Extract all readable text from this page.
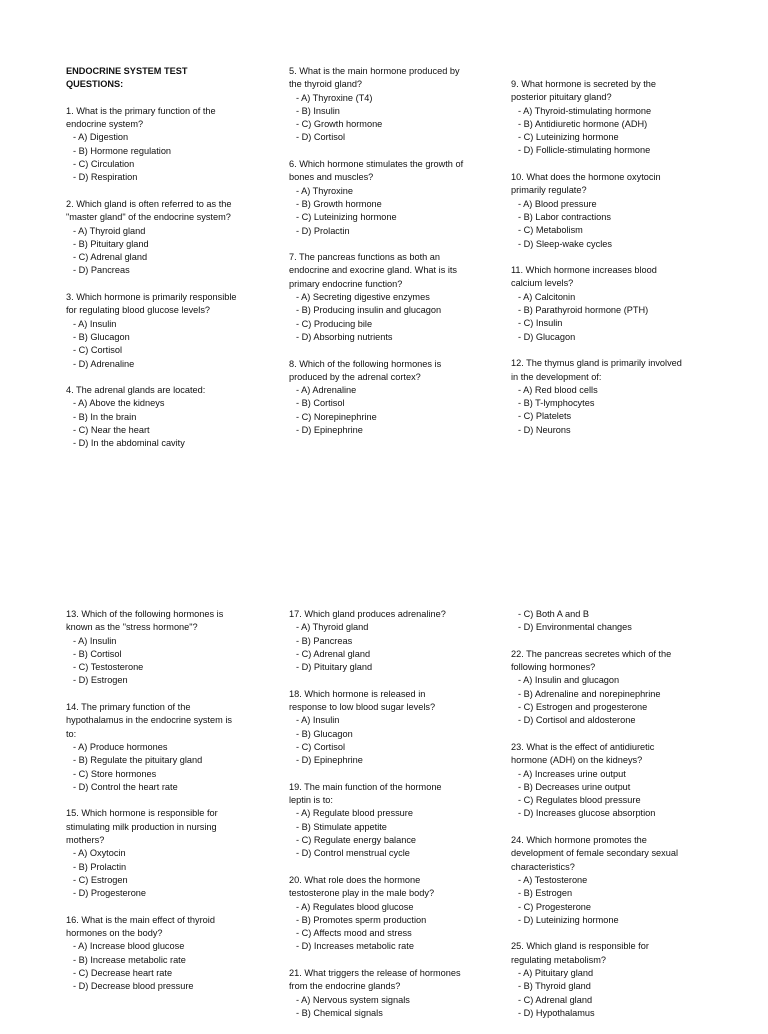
ENDOCRINE SYSTEM TEST
QUESTIONS:
1. What is the primary function of the
endocrine system?
- A) Digestion
- B) Hormone regulation
- C) Circulation
- D) Respiration
2. Which gland is often referred to as the
"master gland" of the endocrine system?
- A) Thyroid gland
- B) Pituitary gland
- C) Adrenal gland
- D) Pancreas
3. Which hormone is primarily responsible
for regulating blood glucose levels?
- A) Insulin
- B) Glucagon
- C) Cortisol
- D) Adrenaline
4. The adrenal glands are located:
- A) Above the kidneys
- B) In the brain
- C) Near the heart
- D) In the abdominal cavity
5. What is the main hormone produced by
the thyroid gland?
- A) Thyroxine (T4)
- B) Insulin
- C) Growth hormone
- D) Cortisol
6. Which hormone stimulates the growth of
bones and muscles?
- A) Thyroxine
- B) Growth hormone
- C) Luteinizing hormone
- D) Prolactin
7. The pancreas functions as both an
endocrine and exocrine gland. What is its
primary endocrine function?
- A) Secreting digestive enzymes
- B) Producing insulin and glucagon
- C) Producing bile
- D) Absorbing nutrients
8. Which of the following hormones is
produced by the adrenal cortex?
- A) Adrenaline
- B) Cortisol
- C) Norepinephrine
- D) Epinephrine
9. What hormone is secreted by the
posterior pituitary gland?
- A) Thyroid-stimulating hormone
- B) Antidiuretic hormone (ADH)
- C) Luteinizing hormone
- D) Follicle-stimulating hormone
10. What does the hormone oxytocin
primarily regulate?
- A) Blood pressure
- B) Labor contractions
- C) Metabolism
- D) Sleep-wake cycles
11. Which hormone increases blood
calcium levels?
- A) Calcitonin
- B) Parathyroid hormone (PTH)
- C) Insulin
- D) Glucagon
12. The thymus gland is primarily involved
in the development of:
- A) Red blood cells
- B) T-lymphocytes
- C) Platelets
- D) Neurons
13. Which of the following hormones is
known as the "stress hormone"?
- A) Insulin
- B) Cortisol
- C) Testosterone
- D) Estrogen
14. The primary function of the
hypothalamus in the endocrine system is
to:
- A) Produce hormones
- B) Regulate the pituitary gland
- C) Store hormones
- D) Control the heart rate
15. Which hormone is responsible for
stimulating milk production in nursing
mothers?
- A) Oxytocin
- B) Prolactin
- C) Estrogen
- D) Progesterone
16. What is the main effect of thyroid
hormones on the body?
- A) Increase blood glucose
- B) Increase metabolic rate
- C) Decrease heart rate
- D) Decrease blood pressure
17. Which gland produces adrenaline?
- A) Thyroid gland
- B) Pancreas
- C) Adrenal gland
- D) Pituitary gland
18. Which hormone is released in
response to low blood sugar levels?
- A) Insulin
- B) Glucagon
- C) Cortisol
- D) Epinephrine
19. The main function of the hormone
leptin is to:
- A) Regulate blood pressure
- B) Stimulate appetite
- C) Regulate energy balance
- D) Control menstrual cycle
20. What role does the hormone
testosterone play in the male body?
- A) Regulates blood glucose
- B) Promotes sperm production
- C) Affects mood and stress
- D) Increases metabolic rate
21. What triggers the release of hormones
from the endocrine glands?
- A) Nervous system signals
- B) Chemical signals
- C) Both A and B
- D) Environmental changes
22. The pancreas secretes which of the
following hormones?
- A) Insulin and glucagon
- B) Adrenaline and norepinephrine
- C) Estrogen and progesterone
- D) Cortisol and aldosterone
23. What is the effect of antidiuretic
hormone (ADH) on the kidneys?
- A) Increases urine output
- B) Decreases urine output
- C) Regulates blood pressure
- D) Increases glucose absorption
24. Which hormone promotes the
development of female secondary sexual
characteristics?
- A) Testosterone
- B) Estrogen
- C) Progesterone
- D) Luteinizing hormone
25. Which gland is responsible for
regulating metabolism?
- A) Pituitary gland
- B) Thyroid gland
- C) Adrenal gland
- D) Hypothalamus
